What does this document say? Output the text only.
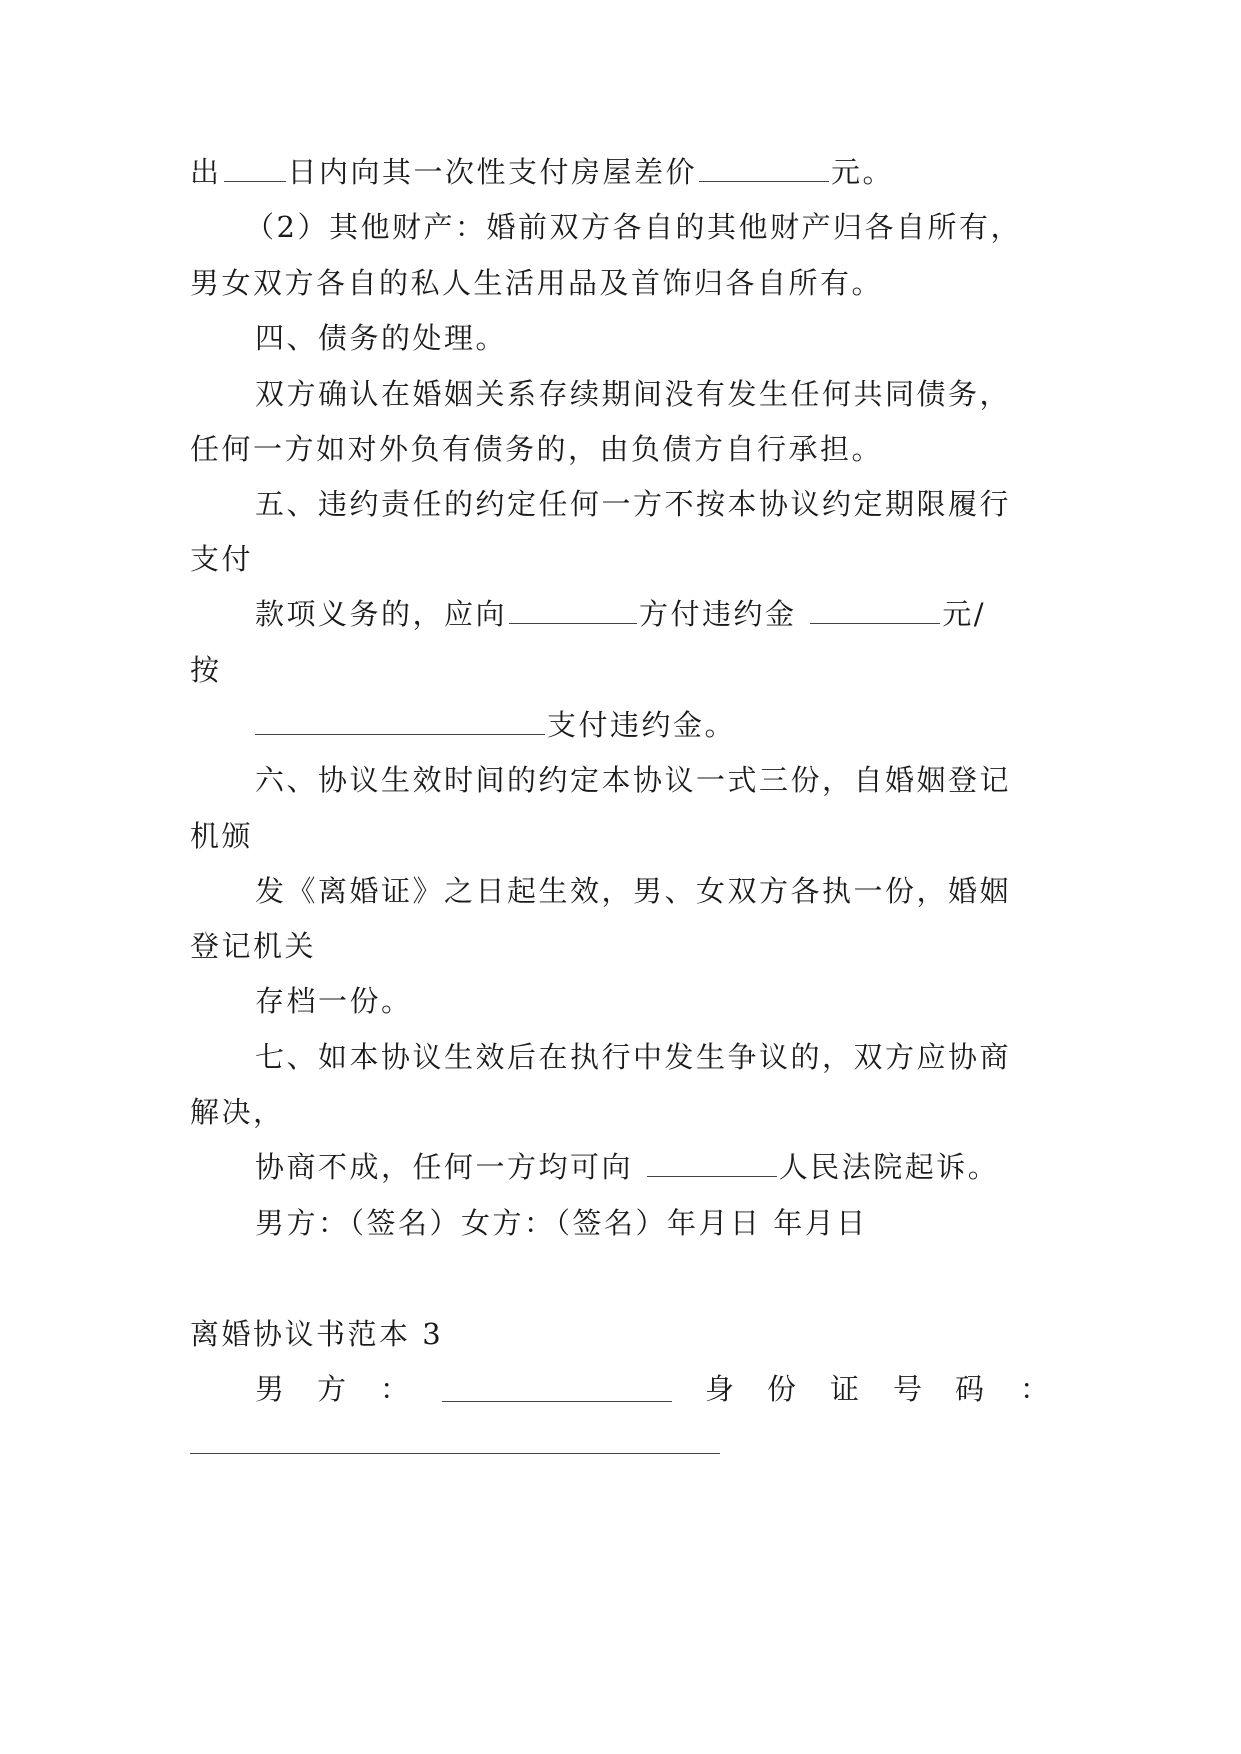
出 日内向其一次性支付房屋差价	元。
（2）其他财产：婚前双方各自的其他财产归各自所有，
男女双方各自的私人生活用品及首饰归各自所有。
四、债务的处理。
双方确认在婚姻关系存续期间没有发生任何共同债务，
任何一方如对外负有债务的，由负债方自行承担。
五、违约责任的约定任何一方不按本协议约定期限履行
支付
款项义务的，应向	方付违约金	元/
按
支付违约金。
六、协议生效时间的约定本协议一式三份，自婚姻登记
机颁
发《离婚证》之日起生效，男、女双方各执一份，婚姻
登记机关
存档一份。
七、如本协议生效后在执行中发生争议的，双方应协商
解决，
协商不成，任何一方均可向	人民法院起诉。
男方：（签名）女方：（签名）年月日 年月日
离婚协议书范本 3
男 方 ：	身 份 证 号 码 ：
